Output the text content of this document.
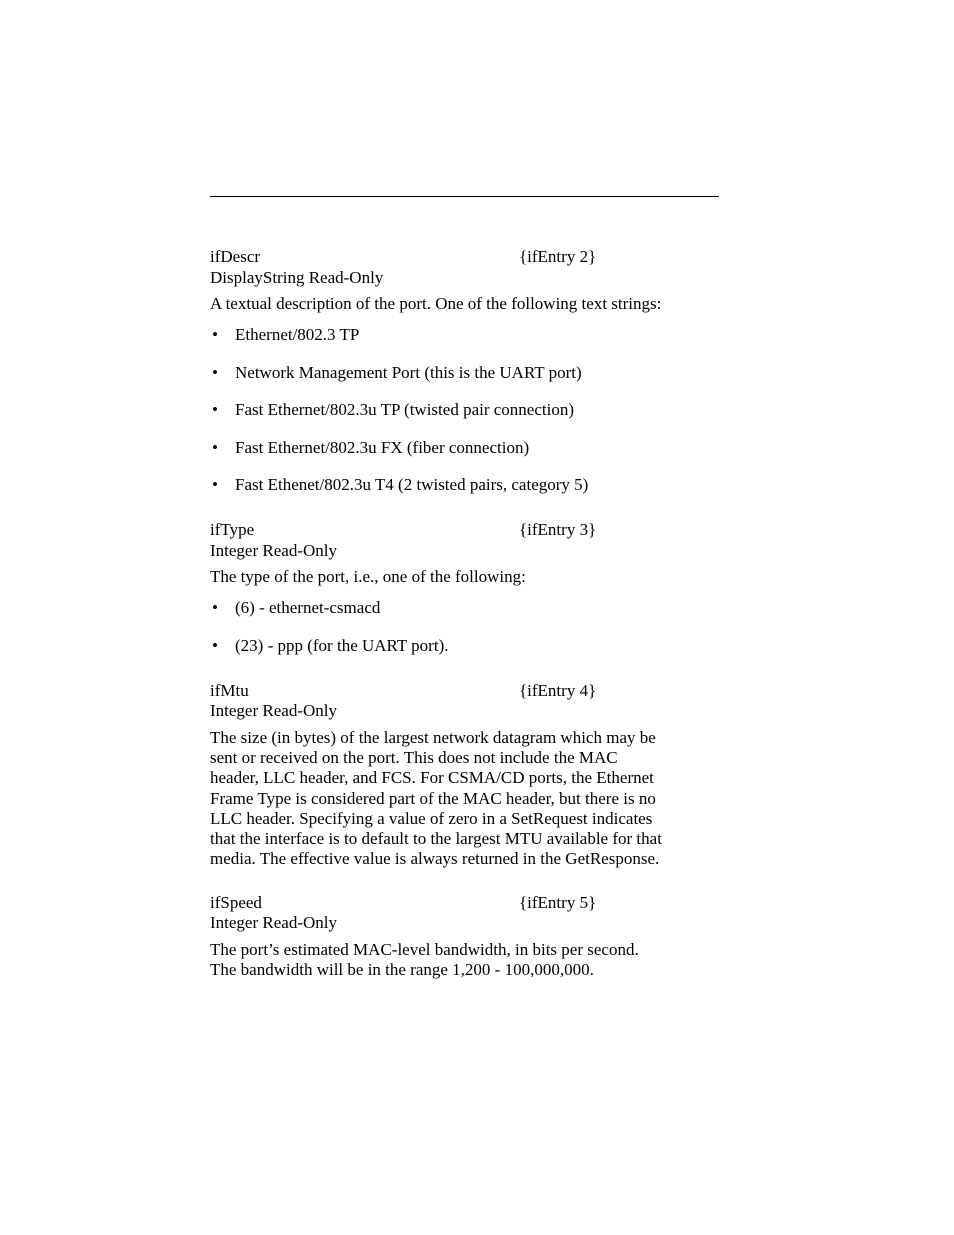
ifDescr	{ifEntry 2}
DisplayString Read-Only
A textual description of the port. One of the following text strings:
• Ethernet/802.3 TP
• Network Management Port (this is the UART port)
• Fast Ethernet/802.3u TP (twisted pair connection)
• Fast Ethernet/802.3u FX (fiber connection)
• Fast Ethenet/802.3u T4 (2 twisted pairs, category 5)
ifType	{ifEntry 3}
Integer Read-Only
The type of the port, i.e., one of the following:
• (6) - ethernet-csmacd
• (23) - ppp (for the UART port).
ifMtu	{ifEntry 4}
Integer Read-Only
The size (in bytes) of the largest network datagram which may be
sent or received on the port. This does not include the MAC
header, LLC header, and FCS. For CSMA/CD ports, the Ethernet
Frame Type is considered part of the MAC header, but there is no
LLC header. Specifying a value of zero in a SetRequest indicates
that the interface is to default to the largest MTU available for that
media. The effective value is always returned in the GetResponse.
ifSpeed	{ifEntry 5}
Integer Read-Only
The port’s estimated MAC-level bandwidth, in bits per second.
The bandwidth will be in the range 1,200 - 100,000,000.
